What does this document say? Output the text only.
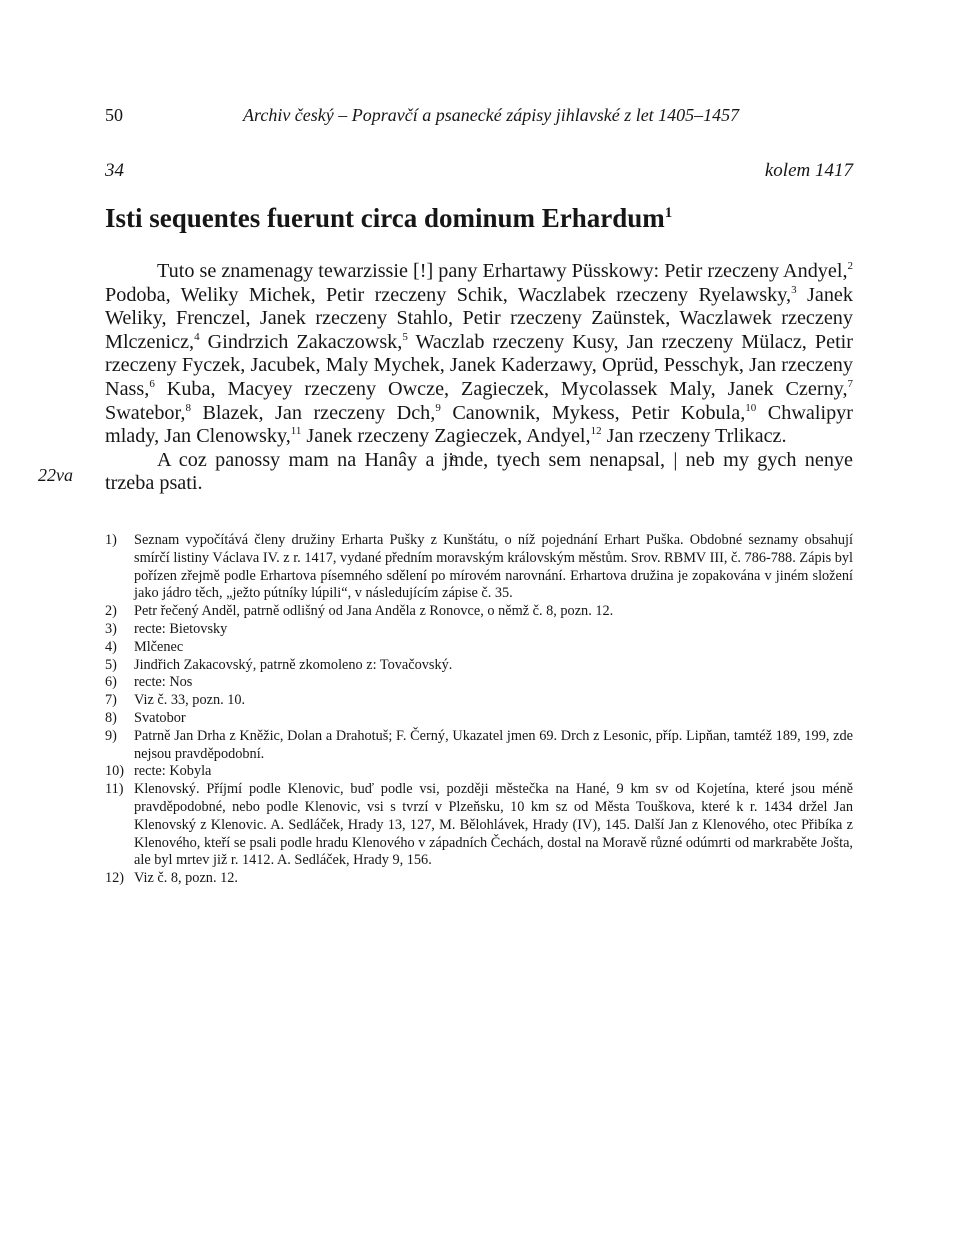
50	Archiv český – Popravčí a psanecké zápisy jihlavské z let 1405–1457
34	kolem 1417
Isti sequentes fuerunt circa dominum Erhardum$^1$
22va

Tuto se znamenagy tewarzissie [!] pany Erhartawy Püsskowy: Petir rzeczeny Andyel,$^2$ Podoba, Weliky Michek, Petir rzeczeny Schik, Waczlabek rzeczeny Ryelawsky,$^3$ Janek Weliky, Frenczel, Janek rzeczeny Stahlo, Petir rzeczeny Zaünstek, Waczlawek rzeczeny Mlczenicz,$^4$ Gindrzich Zakaczowsk,$^5$ Waczlab rzeczeny Kusy, Jan rzeczeny Mülacz, Petir rzeczeny Fyczek, Jacubek, Maly Mychek, Janek Kaderzawy, Oprüd, Pesschyk, Jan rzeczeny Nass,$^6$ Kuba, Macyey rzeczeny Owcze, Zagieczek, Mycolassek Maly, Janek Czerny,$^7$ Swatebor,$^8$ Blazek, Jan rzeczeny Dch,$^9$ Canownik, Mykess, Petir Kobula,$^{10}$ Chwalipyr mlady, Jan Clenowsky,$^{11}$ Janek rzeczeny Zagieczek, Andyel,$^{12}$ Jan rzeczeny Trlikacz.

A coz panossy mam na Hanây a jiͤnde, tyech sem nenapsal, | neb my gych nenye trzeba psati.

1) Seznam vypočítává členy družiny Erharta Pušky z Kunštátu, o níž pojednání Erhart Puška. Obdobné seznamy obsahují smírčí listiny Václava IV. z r. 1417, vydané předním moravským královským městům. Srov. RBMV III, č. 786-788. Zápis byl pořízen zřejmě podle Erhartova písemného sdělení po mírovém narovnání. Erhartova družina je zopakována v jiném složení jako jádro těch, „ježto pútníky lúpili“, v následujícím zápise č. 35.
2) Petr řečený Anděl, patrně odlišný od Jana Anděla z Ronovce, o němž č. 8, pozn. 12.
3) recte: Bietovsky
4) Mlčenec
5) Jindřich Zakacovský, patrně zkomoleno z: Tovačovský.
6) recte: Nos
7) Viz č. 33, pozn. 10.
8) Svatobor
9) Patrně Jan Drha z Kněžic, Dolan a Drahotuš; F. Černý, Ukazatel jmen 69. Drch z Lesonic, příp. Lipňan, tamtéž 189, 199, zde nejsou pravděpodobní.
10) recte: Kobyla
11) Klenovský. Příjmí podle Klenovic, buď podle vsi, později městečka na Hané, 9 km sv od Kojetína, které jsou méně pravděpodobné, nebo podle Klenovic, vsi s tvrzí v Plzeňsku, 10 km sz od Města Touškova, které k r. 1434 držel Jan Klenovský z Klenovic. A. Sedláček, Hrady 13, 127, M. Bělohlávek, Hrady (IV), 145. Další Jan z Klenového, otec Přibíka z Klenového, kteří se psali podle hradu Klenového v západních Čechách, dostal na Moravě různé odúmrti od markraběte Jošta, ale byl mrtev již r. 1412. A. Sedláček, Hrady 9, 156.
12) Viz č. 8, pozn. 12.
